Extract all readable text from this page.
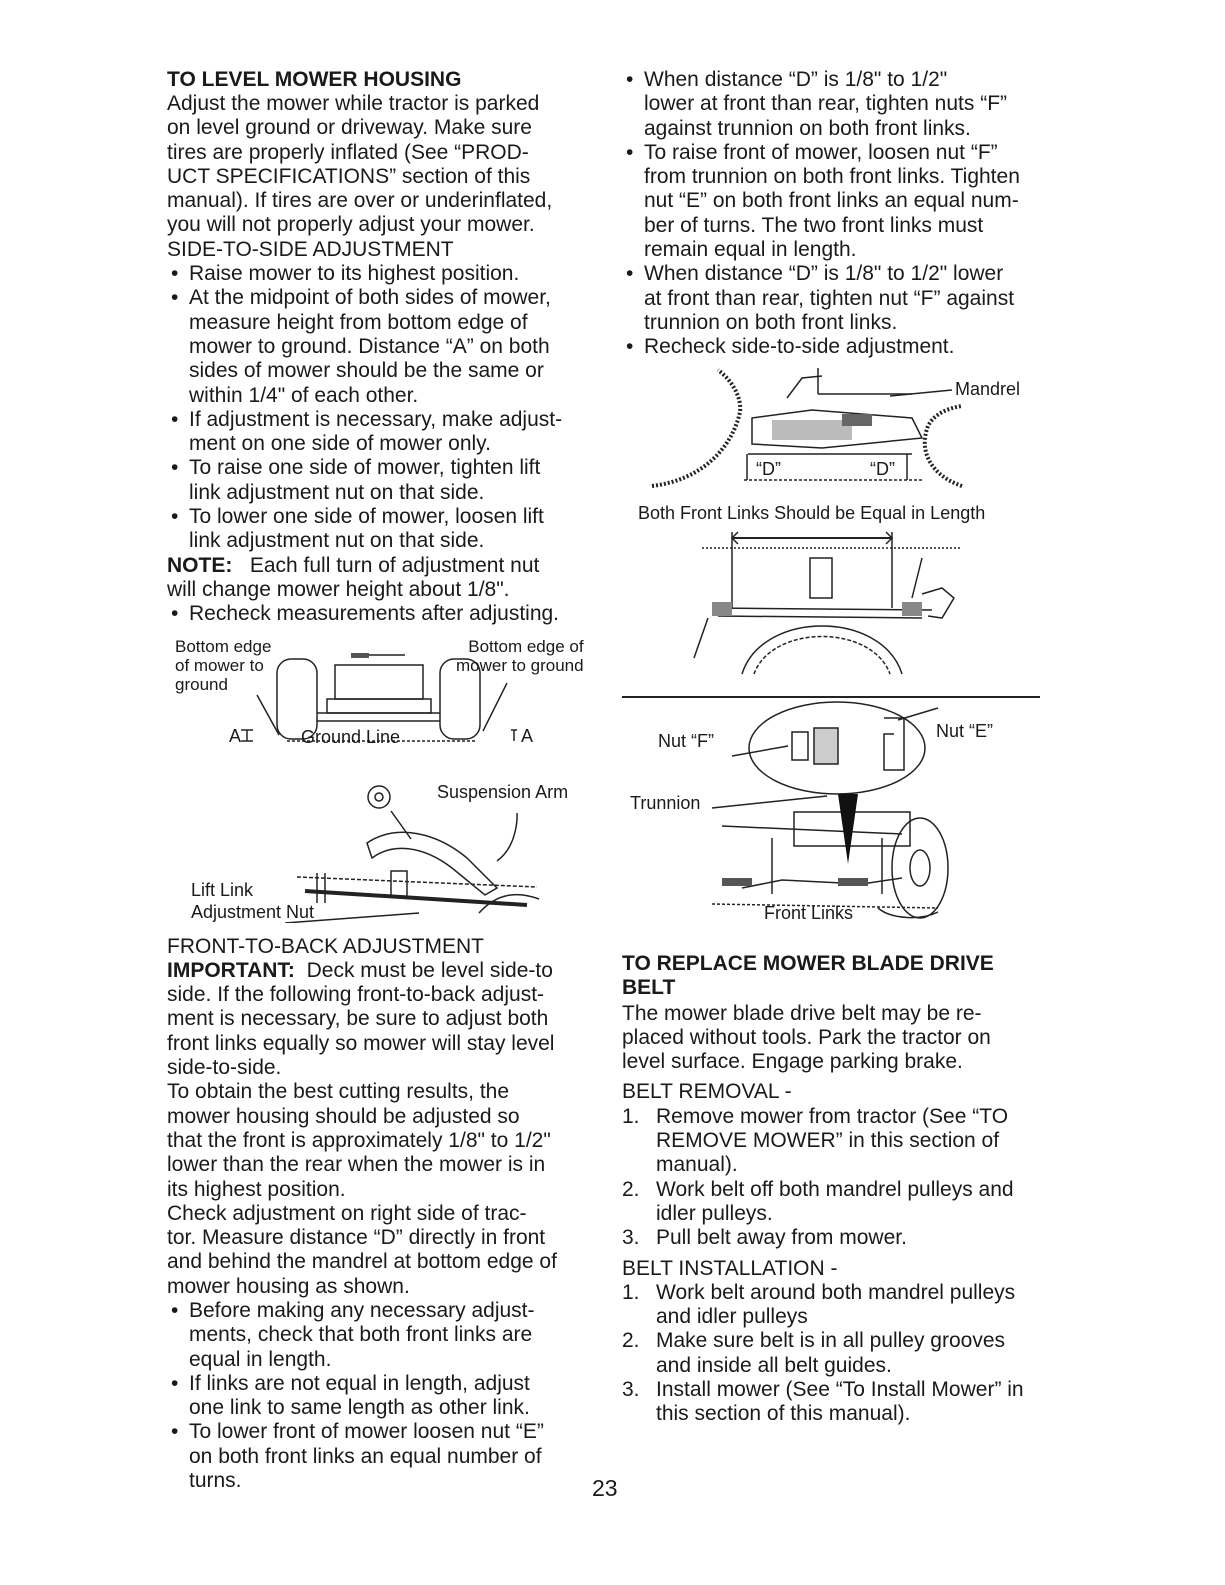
TO LEVEL MOWER HOUSING

Adjust the mower while tractor is parked
on level ground or driveway. Make sure
tires are properly inflated (See “PROD-
UCT SPECIFICATIONS” section of this
manual). If tires are over or underinflated,
you will not properly adjust your mower.

SIDE-TO-SIDE ADJUSTMENT

• Raise mower to its highest position.
• At the midpoint of both sides of mower,
measure height from bottom edge of
mower to ground. Distance “A” on both
sides of mower should be the same or
within 1/4" of each other.
• If adjustment is necessary, make adjust-
ment on one side of mower only.
• To raise one side of mower, tighten lift
link adjustment nut on that side.
• To lower one side of mower, loosen lift
link adjustment nut on that side.

NOTE: Each full turn of adjustment nut
will change mower height about 1/8".

• Recheck measurements after adjusting.
Bottom edge
of mower to
ground
Bottom edge of
mower to ground
Ground Line
A	A
Suspension Arm
Lift Link
Adjustment Nut

FRONT-TO-BACK ADJUSTMENT

IMPORTANT: Deck must be level side-to
side. If the following front-to-back adjust-
ment is necessary, be sure to adjust both
front links equally so mower will stay level
side-to-side.

To obtain the best cutting results, the
mower housing should be adjusted so
that the front is approximately 1/8" to 1/2"
lower than the rear when the mower is in
its highest position.

Check adjustment on right side of trac-
tor. Measure distance “D” directly in front
and behind the mandrel at bottom edge of
mower housing as shown.

• Before making any necessary adjust-
ments, check that both front links are
equal in length.
• If links are not equal in length, adjust
one link to same length as other link.
• To lower front of mower loosen nut “E”
on both front links an equal number of
turns.
• When distance “D” is 1/8" to 1/2"
lower at front than rear, tighten nuts “F”
against trunnion on both front links.
• To raise front of mower, loosen nut “F”
from trunnion on both front links. Tighten
nut “E” on both front links an equal num-
ber of turns. The two front links must
remain equal in length.
• When distance “D” is 1/8" to 1/2" lower
at front than rear, tighten nut “F” against
trunnion on both front links.
• Recheck side-to-side adjustment.
Mandrel
“D”	“D”
Both Front Links Should be Equal in Length
Nut “F”	Nut “E”
Trunnion
Front Links
TO REPLACE MOWER BLADE DRIVE
BELT

The mower blade drive belt may be re-
placed without tools. Park the tractor on
level surface. Engage parking brake.

BELT REMOVAL -

1. Remove mower from tractor (See “TO
REMOVE MOWER” in this section of
manual).
2. Work belt off both mandrel pulleys and
idler pulleys.
3. Pull belt away from mower.

BELT INSTALLATION -

1. Work belt around both mandrel pulleys
and idler pulleys
2. Make sure belt is in all pulley grooves
and inside all belt guides.
3. Install mower (See “To Install Mower” in
this section of this manual).
23
